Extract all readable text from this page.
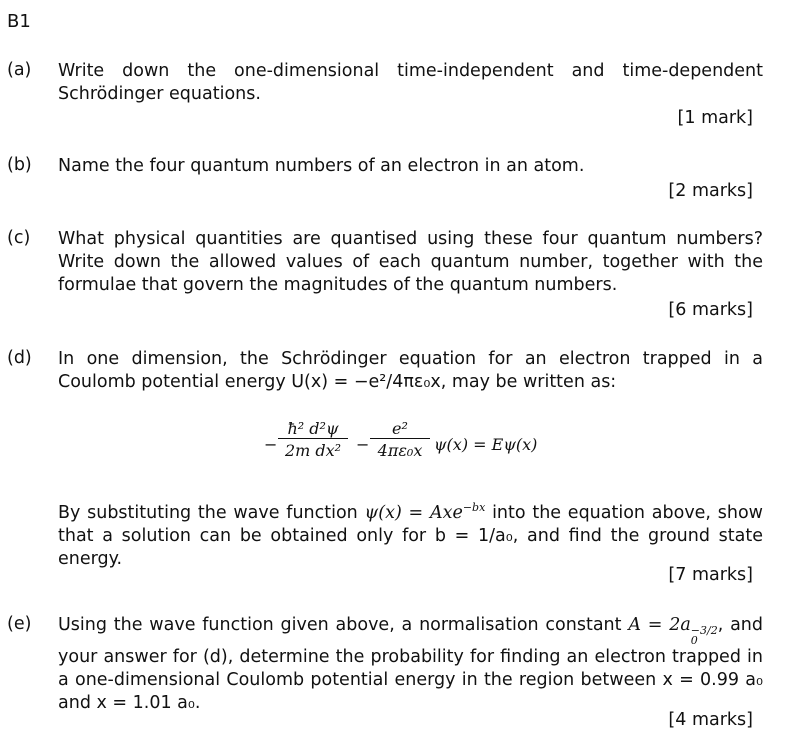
B1
(a) Write down the one-dimensional time-independent and time-dependent Schrödinger equations.
[1 mark]
(b) Name the four quantum numbers of an electron in an atom.
[2 marks]
(c) What physical quantities are quantised using these four quantum numbers? Write down the allowed values of each quantum number, together with the formulae that govern the magnitudes of the quantum numbers.
[6 marks]
(d) In one dimension, the Schrödinger equation for an electron trapped in a Coulomb potential energy U(x) = −e²/4πε₀x, may be written as:
− $\frac{\text{ħ² d²ψ}}{\text{2m dx²}} - \frac{\text{e²}}{\text{4πε₀x}} \psi(x) = E\psi(x)$
By substituting the wave function ψ(x) = Axe$^{-bx}$ into the equation above, show that a solution can be obtained only for b = 1/a₀, and find the ground state energy.
[7 marks]
(e) Using the wave function given above, a normalisation constant A = 2a −3/2
0
, and your answer for (d), determine the probability for finding an electron trapped in a one-dimensional Coulomb potential energy in the region between x = 0.99 a₀ and x = 1.01 a₀.
[4 marks]
